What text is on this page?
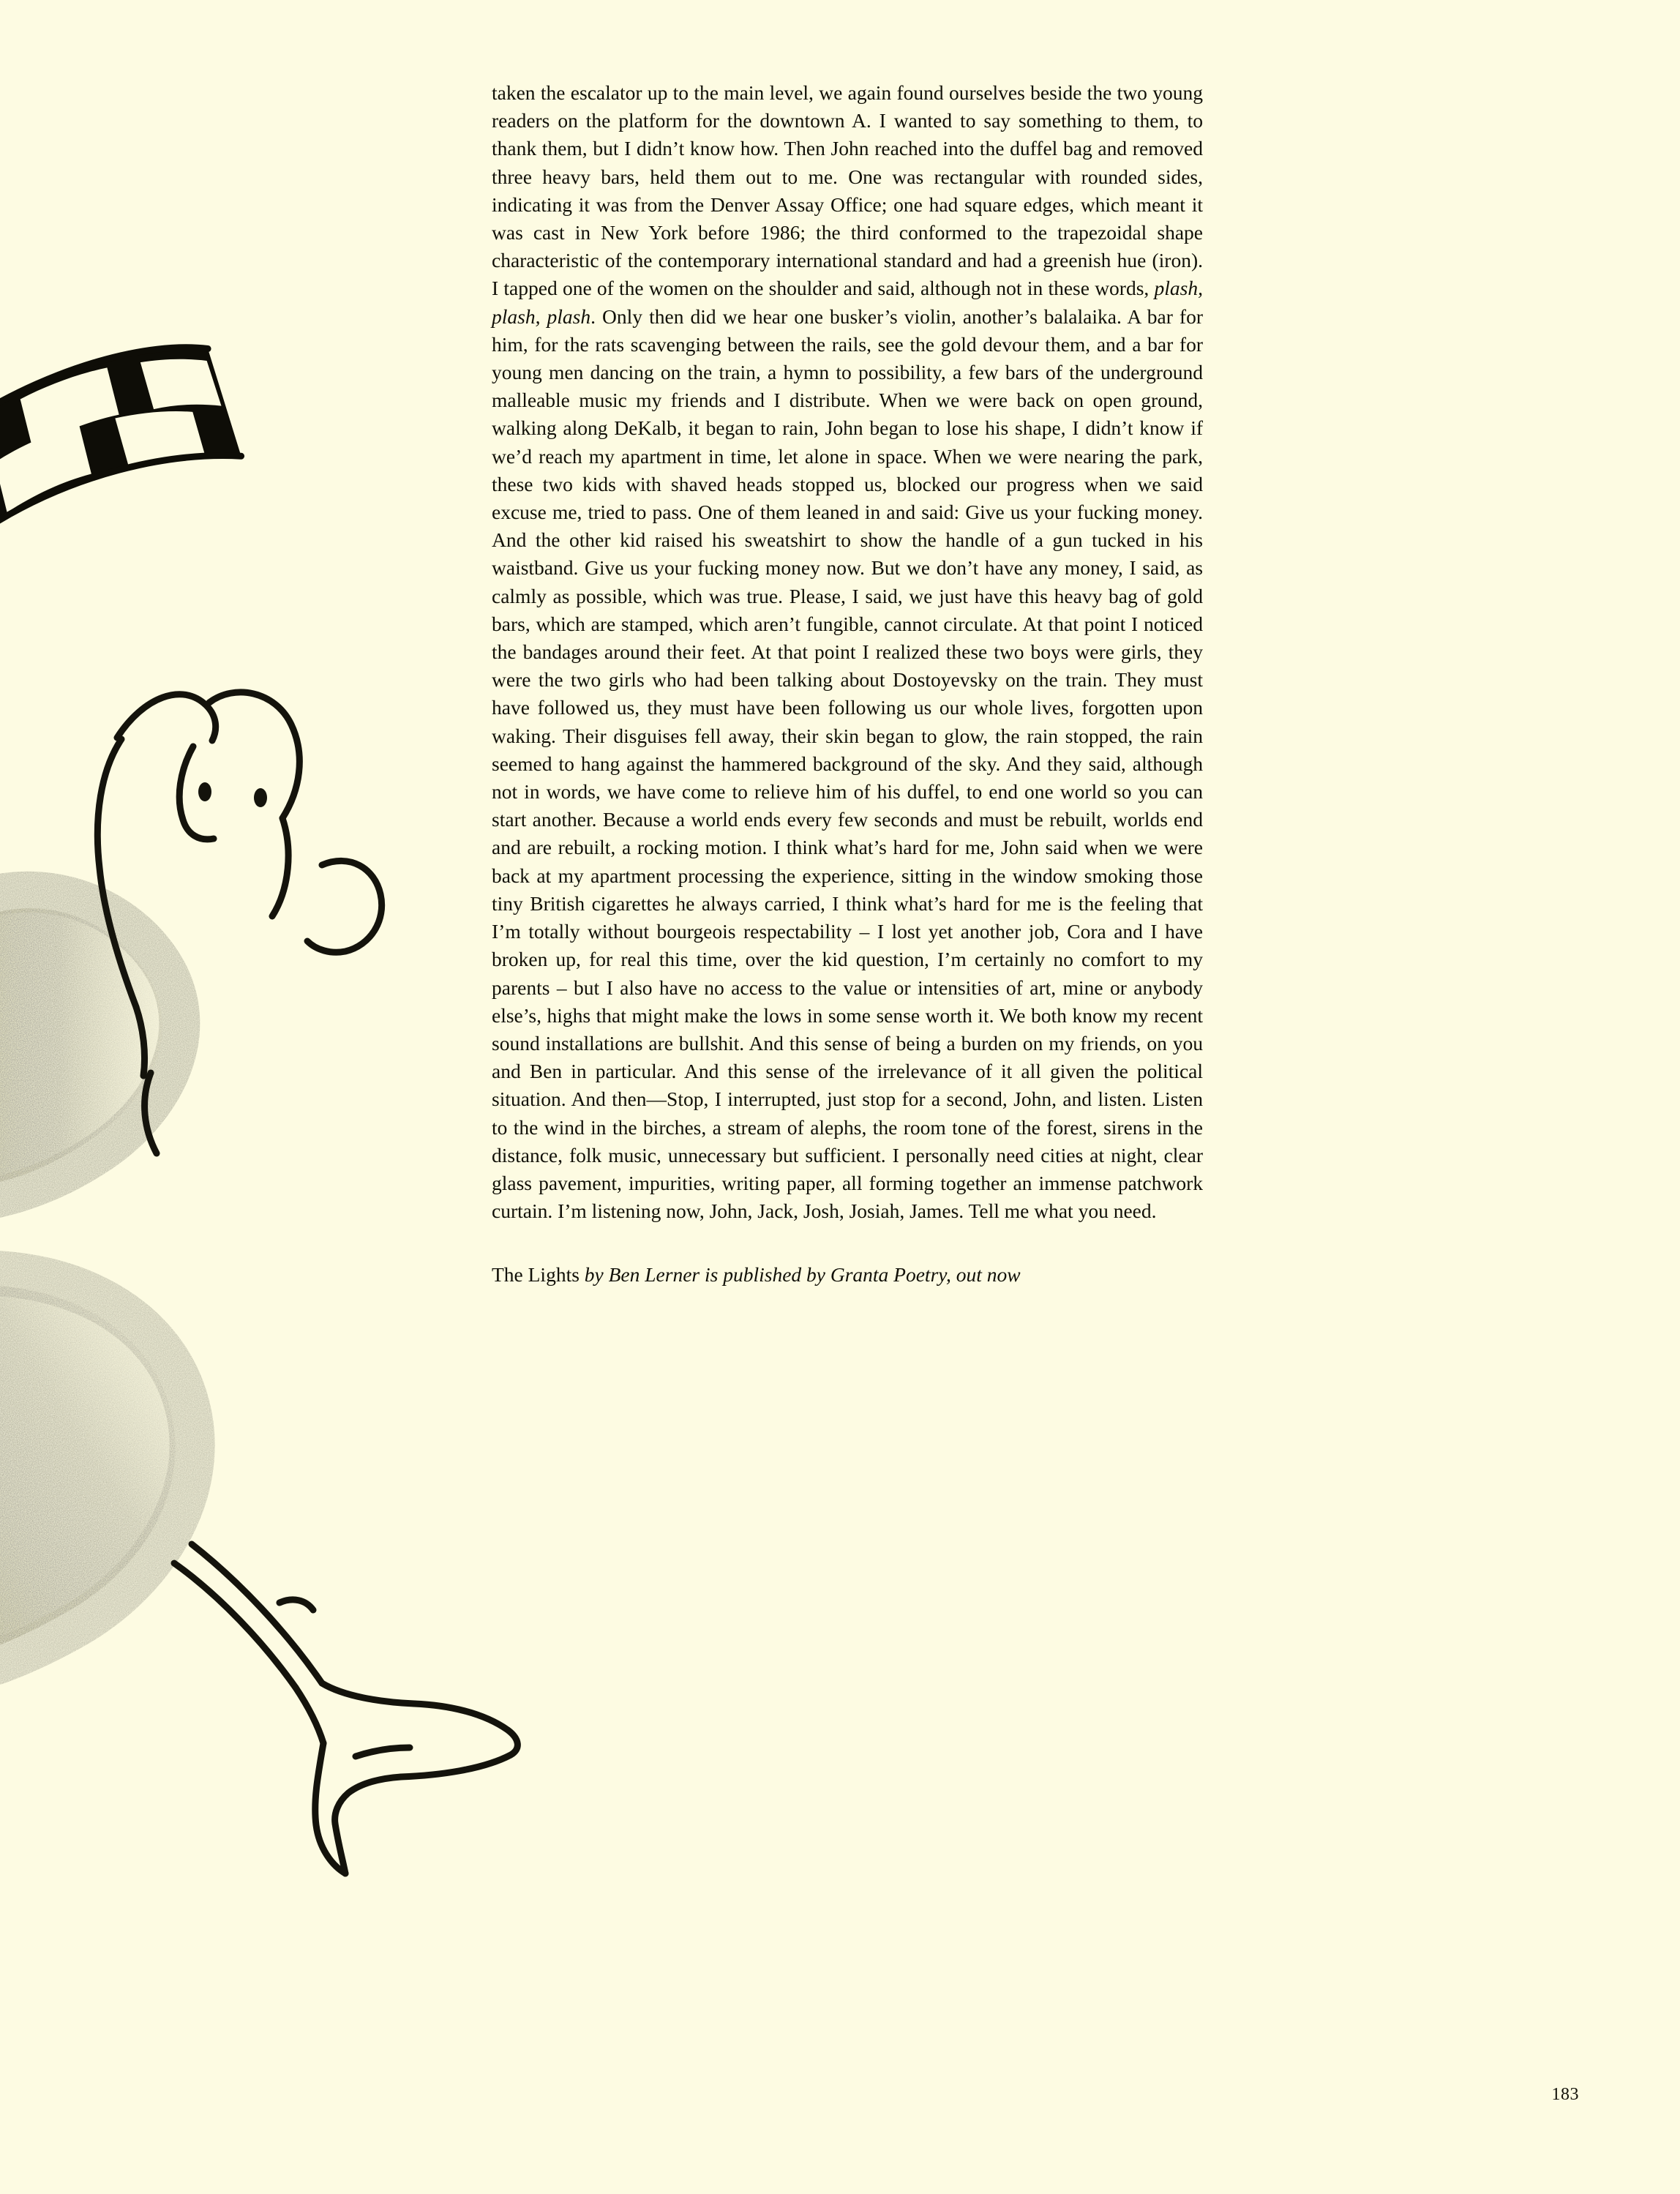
taken the escalator up to the main level, we again found ourselves beside the two young readers on the platform for the downtown A. I wanted to say something to them, to thank them, but I didn’t know how. Then John reached into the duffel bag and removed three heavy bars, held them out to me. One was rectangular with rounded sides, indicating it was from the Denver Assay Office; one had square edges, which meant it was cast in New York before 1986; the third conformed to the trapezoidal shape characteristic of the contemporary international standard and had a greenish hue (iron). I tapped one of the women on the shoulder and said, although not in these words, plash, plash, plash. Only then did we hear one busker’s violin, another’s balalaika. A bar for him, for the rats scavenging between the rails, see the gold devour them, and a bar for young men dancing on the train, a hymn to possibility, a few bars of the underground malleable music my friends and I distribute. When we were back on open ground, walking along DeKalb, it began to rain, John began to lose his shape, I didn’t know if we’d reach my apartment in time, let alone in space. When we were nearing the park, these two kids with shaved heads stopped us, blocked our progress when we said excuse me, tried to pass. One of them leaned in and said: Give us your fucking money. And the other kid raised his sweatshirt to show the handle of a gun tucked in his waistband. Give us your fucking money now. But we don’t have any money, I said, as calmly as possible, which was true. Please, I said, we just have this heavy bag of gold bars, which are stamped, which aren’t fungible, cannot circulate. At that point I noticed the bandages around their feet. At that point I realized these two boys were girls, they were the two girls who had been talking about Dostoyevsky on the train. They must have followed us, they must have been following us our whole lives, forgotten upon waking. Their disguises fell away, their skin began to glow, the rain stopped, the rain seemed to hang against the hammered background of the sky. And they said, although not in words, we have come to relieve him of his duffel, to end one world so you can start another. Because a world ends every few seconds and must be rebuilt, worlds end and are rebuilt, a rocking motion. I think what’s hard for me, John said when we were back at my apartment processing the experience, sitting in the window smoking those tiny British cigarettes he always carried, I think what’s hard for me is the feeling that I’m totally without bourgeois respectability – I lost yet another job, Cora and I have broken up, for real this time, over the kid question, I’m certainly no comfort to my parents – but I also have no access to the value or intensities of art, mine or anybody else’s, highs that might make the lows in some sense worth it. We both know my recent sound installations are bullshit. And this sense of being a burden on my friends, on you and Ben in particular. And this sense of the irrelevance of it all given the political situation. And then—Stop, I interrupted, just stop for a second, John, and listen. Listen to the wind in the birches, a stream of alephs, the room tone of the forest, sirens in the distance, folk music, unnecessary but sufficient. I personally need cities at night, clear glass pavement, impurities, writing paper, all forming together an immense patchwork curtain. I’m listening now, John, Jack, Josh, Josiah, James. Tell me what you need.

The Lights by Ben Lerner is published by Granta Poetry, out now

183
